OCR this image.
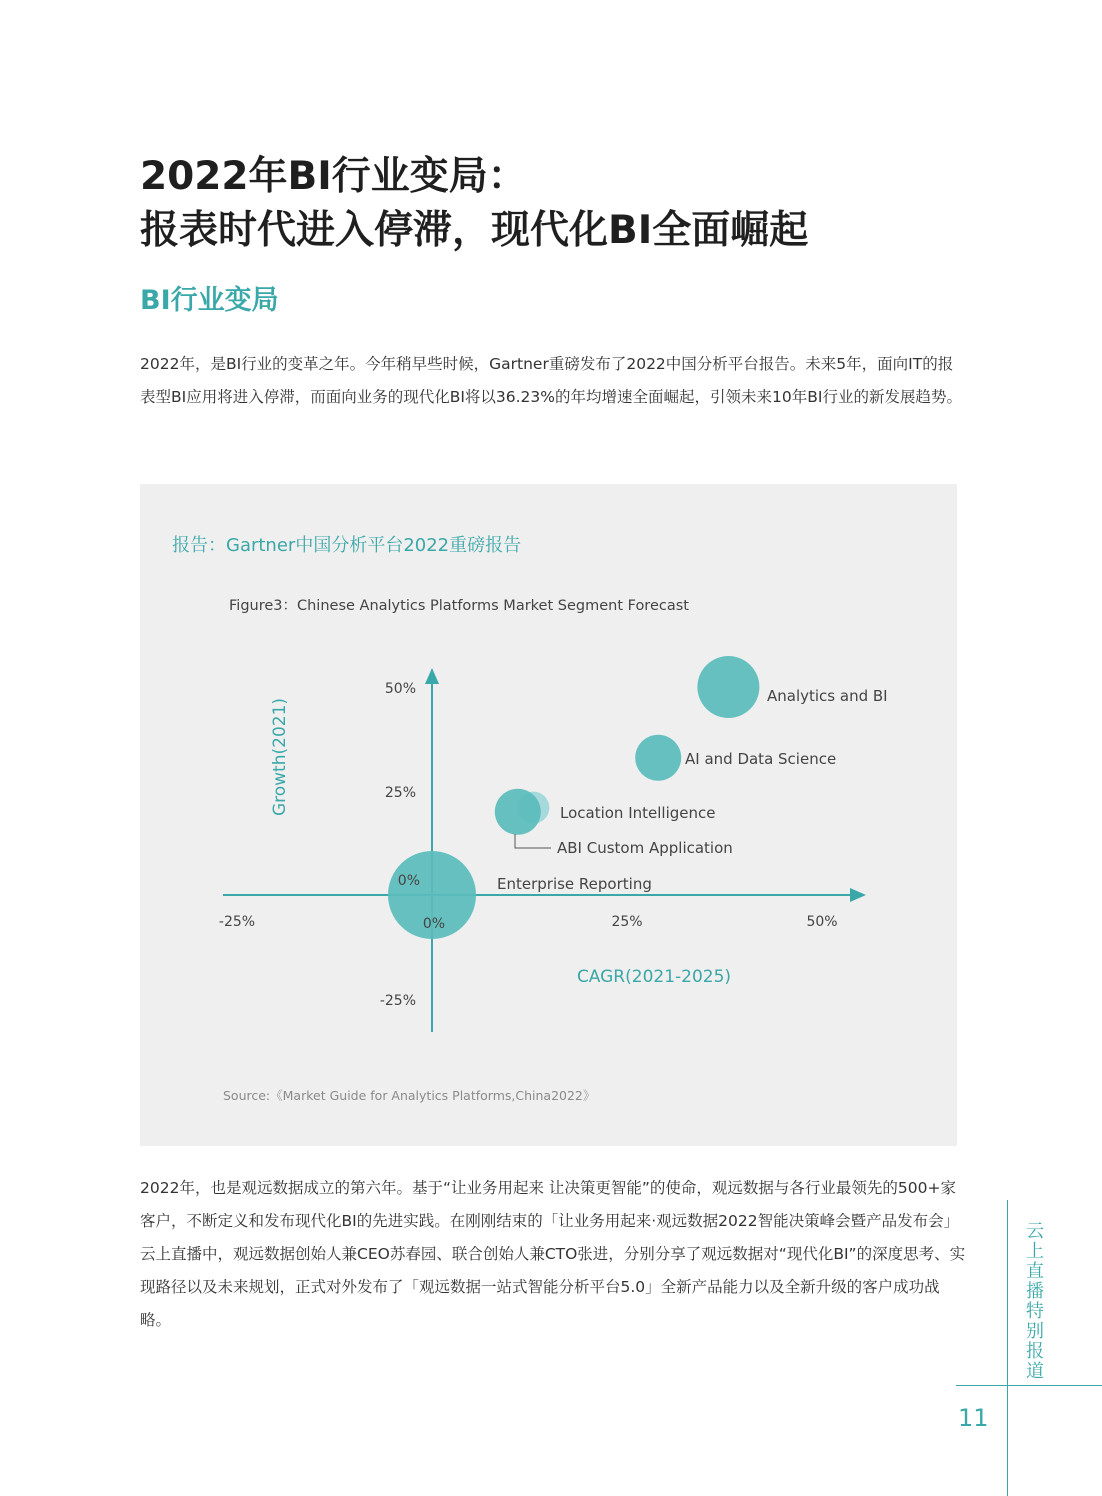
2022年BI行业变局：
报表时代进入停滞，现代化BI全面崛起
BI行业变局

2022年，是BI行业的变革之年。今年稍早些时候，Gartner重磅发布了2022中国分析平台报告。未来5年，面向IT的报表型BI应用将进入停滞，而面向业务的现代化BI将以36.23%的年均增速全面崛起，引领未来10年BI行业的新发展趋势。

报告：Gartner中国分析平台2022重磅报告
Figure3：Chinese Analytics Platforms Market Segment Forecast
-25%	0%	25%	50%
50%
25%
0%
-25%
CAGR(2021-2025)
Growth(2021)
Analytics and BI
AI and Data Science
Location Intelligence
ABI Custom Application
Enterprise Reporting
Source:《Market Guide for Analytics Platforms,China2022》

2022年，也是观远数据成立的第六年。基于“让业务用起来 让决策更智能”的使命，观远数据与各行业最领先的500+家客户，不断定义和发布现代化BI的先进实践。在刚刚结束的「让业务用起来·观远数据2022智能决策峰会暨产品发布会」云上直播中，观远数据创始人兼CEO苏春园、联合创始人兼CTO张进，分别分享了观远数据对“现代化BI”的深度思考、实现路径以及未来规划，正式对外发布了「观远数据一站式智能分析平台5.0」全新产品能力以及全新升级的客户成功战略。

云上直播特别报道
11
